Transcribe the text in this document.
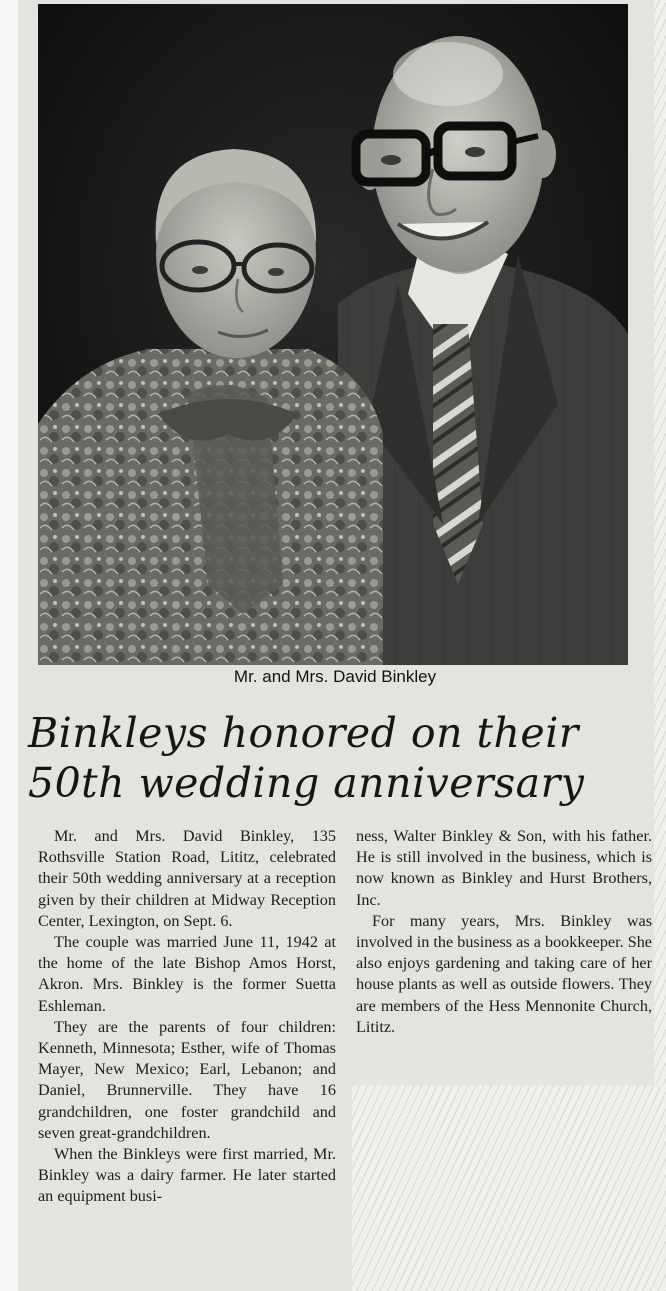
Mr. and Mrs. David Binkley
Binkleys honored on their
50th wedding anniversary

Mr. and Mrs. David Binkley, 135 Rothsville Station Road, Lititz, celebrated their 50th wedding anniversary at a reception given by their children at Midway Reception Center, Lexington, on Sept. 6.

The couple was married June 11, 1942 at the home of the late Bishop Amos Horst, Akron. Mrs. Binkley is the former Suetta Eshleman.

They are the parents of four children: Kenneth, Minnesota; Esther, wife of Thomas Mayer, New Mexico; Earl, Lebanon; and Daniel, Brunnerville. They have 16 grandchildren, one foster grandchild and seven great-grandchildren.

When the Binkleys were first married, Mr. Binkley was a dairy farmer. He later started an equipment busi-

ness, Walter Binkley & Son, with his father. He is still involved in the business, which is now known as Binkley and Hurst Brothers, Inc.

For many years, Mrs. Binkley was involved in the business as a bookkeeper. She also enjoys gardening and taking care of her house plants as well as outside flowers. They are members of the Hess Mennonite Church, Lititz.
